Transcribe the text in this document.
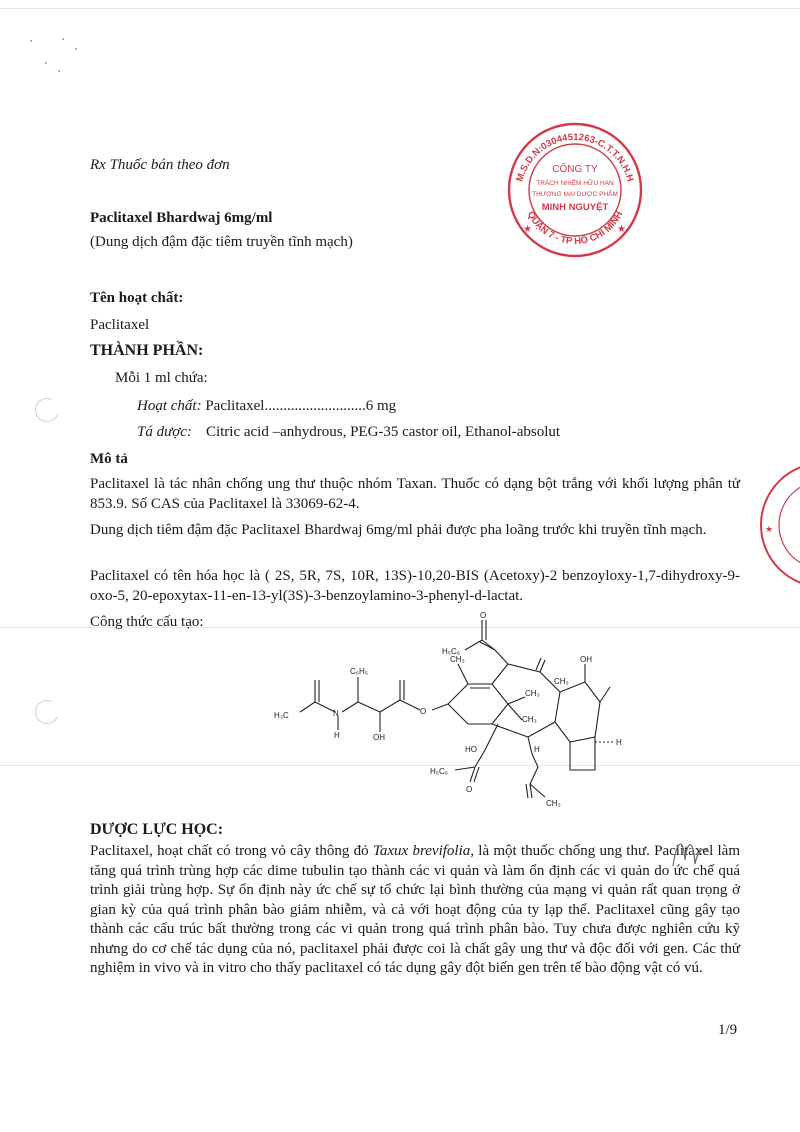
Rx Thuốc bán theo đơn
Paclitaxel Bhardwaj 6mg/ml
(Dung dịch đậm đặc tiêm truyền tĩnh mạch)
M.S.D.N:0304451263-C.T.T.N.H.H
QUẬN 7 - TP HỒ CHÍ MINH
CÔNG TY
TRÁCH NHIỆM HỮU HẠN
THƯƠNG MẠI DƯỢC PHẨM
MINH NGUYỆT
★	★
★
Tên hoạt chất:
Paclitaxel
THÀNH PHẦN:
Mỗi 1 ml chứa:
Hoạt chất: Paclitaxel...........................6 mg
Tá dược: Citric acid –anhydrous, PEG-35 castor oil, Ethanol-absolut
Mô tả
Paclitaxel là tác nhân chống ung thư thuộc nhóm Taxan. Thuốc có dạng bột trắng với khối lượng phân tử 853.9. Số CAS của Paclitaxel là 33069-62-4.
Dung dịch tiêm đậm đặc Paclitaxel Bhardwaj 6mg/ml phải được pha loãng trước khi truyền tĩnh mạch.
Paclitaxel có tên hóa học là ( 2S, 5R, 7S, 10R, 13S)-10,20-BIS (Acetoxy)-2 benzoyloxy-1,7-dihydroxy-9-oxo-5, 20-epoxytax-11-en-13-yl(3S)-3-benzoylamino-3-phenyl-d-lactat.
Công thức cấu tạo:
H₃C	N
H
C₆H₅
OH
O
CH₃
H₅C₆
O
CH₃
CH₃
CH₃
OH
HO	H
H
H₅C₆
O
CH₃
DƯỢC LỰC HỌC:
Paclitaxel, hoạt chất có trong vỏ cây thông đỏ Taxux brevifolia, là một thuốc chống ung thư. Paclitaxel làm tăng quá trình trùng hợp các dime tubulin tạo thành các vi quản và làm ổn định các vi quản do ức chế quá trình giải trùng hợp. Sự ổn định này ức chế sự tổ chức lại bình thường của mạng vi quản rất quan trọng ở gian kỳ của quá trình phân bào giảm nhiễm, và cả với hoạt động của ty lạp thể. Paclitaxel cũng gây tạo thành các cấu trúc bất thường trong các vi quản trong quá trình phân bào. Tuy chưa được nghiên cứu kỹ nhưng do cơ chế tác dụng của nó, paclitaxel phải được coi là chất gây ung thư và độc đối với gen. Các thử nghiệm in vivo và in vitro cho thấy paclitaxel có tác dụng gây đột biến gen trên tế bào động vật có vú.
1/9
